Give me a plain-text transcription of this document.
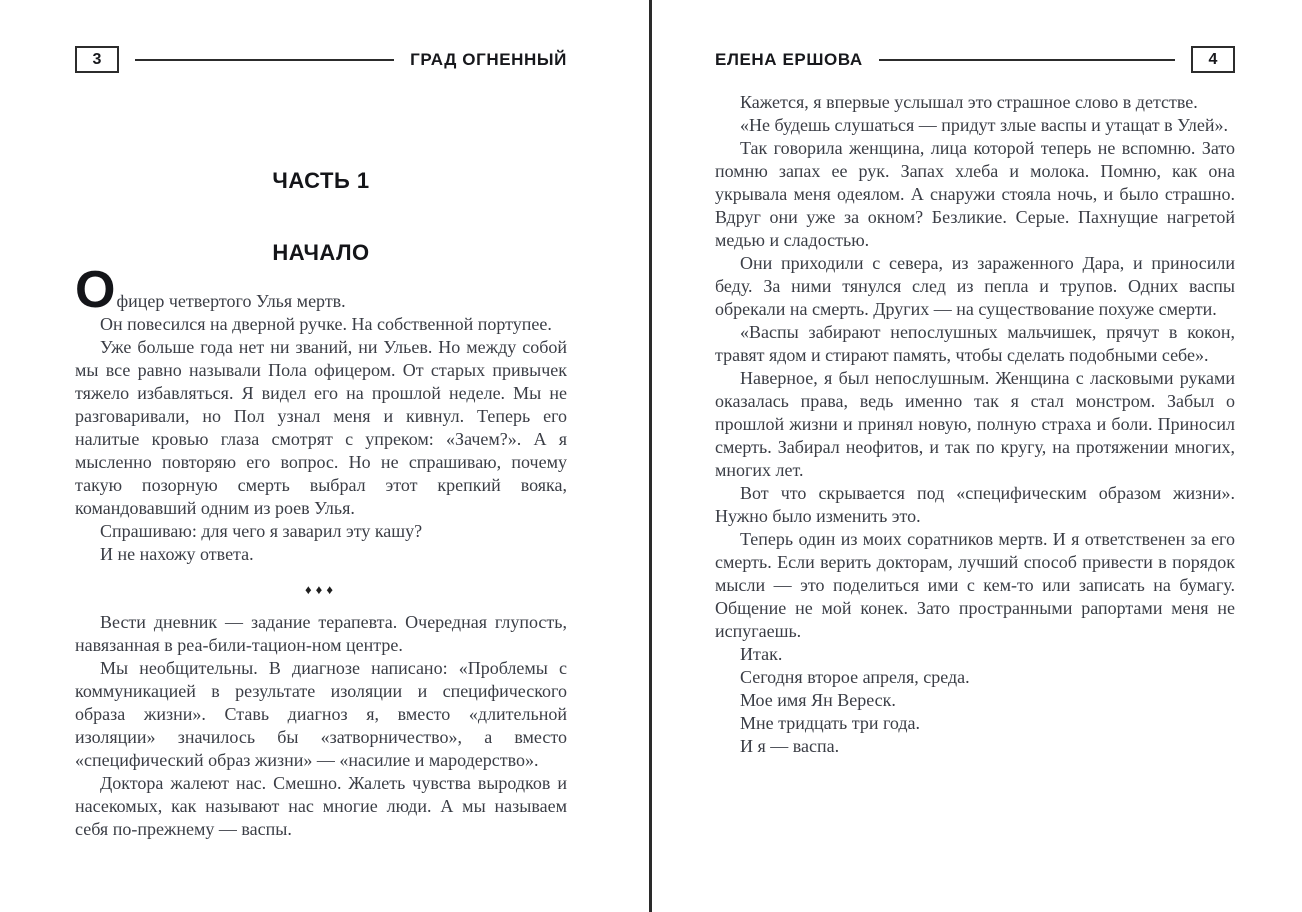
3	ГРАД ОГНЕННЫЙ
ЧАСТЬ 1
НАЧАЛО

Офицер четвертого Улья мертв.

Он повесился на дверной ручке. На собственной портупее.

Уже больше года нет ни званий, ни Ульев. Но между собой мы все равно называли Пола офицером. От старых привычек тяжело избавляться. Я видел его на прошлой неделе. Мы не разговаривали, но Пол узнал меня и кивнул. Теперь его налитые кровью глаза смотрят с упреком: «Зачем?». А я мысленно повторяю его вопрос. Но не спрашиваю, почему такую позорную смерть выбрал этот крепкий вояка, командовавший одним из роев Улья.

Спрашиваю: для чего я заварил эту кашу?

И не нахожу ответа.

♦♦♦

Вести дневник — задание терапевта. Очередная глупость, навязанная в реа-били-тацион-ном центре.

Мы необщительны. В диагнозе написано: «Проблемы с коммуникацией в результате изоляции и специфического образа жизни». Ставь диагноз я, вместо «длительной изоляции» значилось бы «затворничество», а вместо «специфический образ жизни» — «насилие и мародерство».

Доктора жалеют нас. Смешно. Жалеть чувства выродков и насекомых, как называют нас многие люди. А мы называем себя по-прежнему — васпы.

ЕЛЕНА ЕРШОВА	4

Кажется, я впервые услышал это страшное слово в детстве.

«Не будешь слушаться — придут злые васпы и утащат в Улей».

Так говорила женщина, лица которой теперь не вспомню. Зато помню запах ее рук. Запах хлеба и молока. Помню, как она укрывала меня одеялом. А снаружи стояла ночь, и было страшно. Вдруг они уже за окном? Безликие. Серые. Пахнущие нагретой медью и сладостью.

Они приходили с севера, из зараженного Дара, и приносили беду. За ними тянулся след из пепла и трупов. Одних васпы обрекали на смерть. Других — на существование похуже смерти.

«Васпы забирают непослушных мальчишек, прячут в кокон, травят ядом и стирают память, чтобы сделать подобными себе».

Наверное, я был непослушным. Женщина с ласковыми руками оказалась права, ведь именно так я стал монстром. Забыл о прошлой жизни и принял новую, полную страха и боли. Приносил смерть. Забирал неофитов, и так по кругу, на протяжении многих, многих лет.

Вот что скрывается под «специфическим образом жизни». Нужно было изменить это.

Теперь один из моих соратников мертв. И я ответственен за его смерть. Если верить докторам, лучший способ привести в порядок мысли — это поделиться ими с кем-то или записать на бумагу. Общение не мой конек. Зато пространными рапортами меня не испугаешь.

Итак.

Сегодня второе апреля, среда.

Мое имя Ян Вереск.

Мне тридцать три года.

И я — васпа.
